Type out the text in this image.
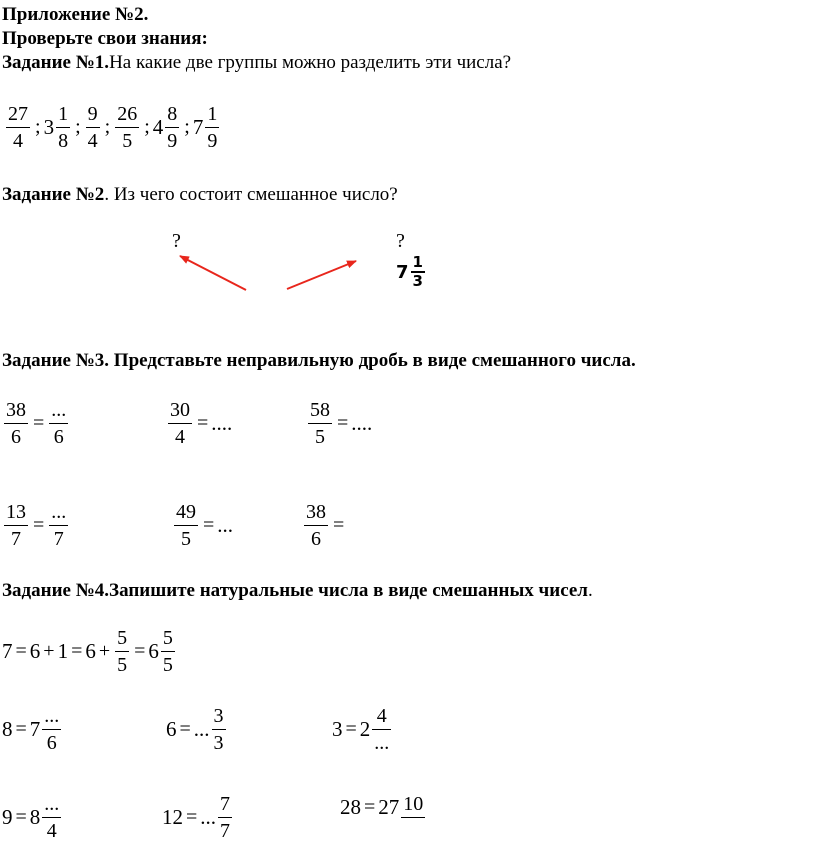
Приложение №2.
Проверьте свои знания:
Задание №1.На какие две группы можно разделить эти числа?
$\frac{27}{4}$ ; $3 \frac{1}{8}$ ; $\frac{9}{4}$ ; $\frac{26}{5}$ ; $4 \frac{8}{9}$ ; $7 \frac{1}{9}$
Задание №2. Из чего состоит смешанное число?
?	?
$7 \frac{1}{3}$
Задание №3. Представьте неправильную дробь в виде смешанного числа.
$\frac{38}{6} = \frac{...}{6}$	$\frac{30}{4}$ = ....	$\frac{58}{5}$ = ....
$\frac{13}{7} = \frac{...}{7}$	$\frac{49}{5}$ = ...	$\frac{38}{6}$ =
Задание №4.Запишите натуральные числа в виде смешанных чисел.
$7 = 6 + 1 = 6 + \frac{5}{5} = 6 \frac{5}{5}$
$8 = 7 \frac{...}{6}$	6 = ... $\frac{3}{3}$	$3 = 2 \frac{4}{...}$
$9 = 8 \frac{...}{4}$	12 = ... $\frac{7}{7}$	28 = 27 10
